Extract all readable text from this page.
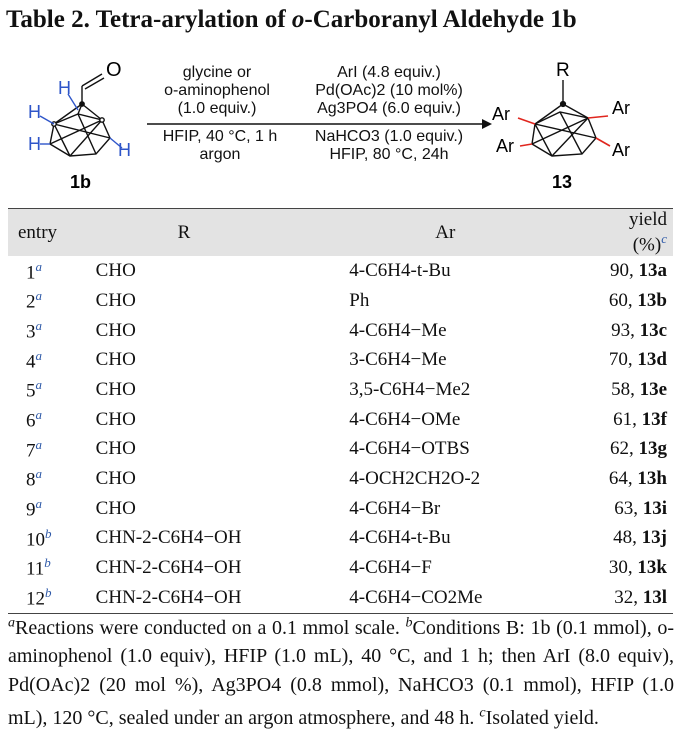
Table 2. Tetra-arylation of o-Carboranyl Aldehyde 1b
O
H
H
H	H
1b
R
Ar	Ar
Ar	Ar
13
glycine or
o-aminophenol
(1.0 equiv.)
HFIP, 40 °C, 1 h
argon
ArI (4.8 equiv.)
Pd(OAc)2 (10 mol%)
Ag3PO4 (6.0 equiv.)
NaHCO3 (1.0 equiv.)
HFIP, 80 °C, 24h
entry	R	Ar	yield (%)$^c$
1$^a$	CHO	4-C6H4-t-Bu	90, 13a
2$^a$	CHO	Ph	60, 13b
3$^a$	CHO	4-C6H4−Me	93, 13c
4$^a$	CHO	3-C6H4−Me	70, 13d
5$^a$	CHO	3,5-C6H4−Me2	58, 13e
6$^a$	CHO	4-C6H4−OMe	61, 13f
7$^a$	CHO	4-C6H4−OTBS	62, 13g
8$^a$	CHO	4-OCH2CH2O-2	64, 13h
9$^a$	CHO	4-C6H4−Br	63, 13i
10$^b$	CHN-2-C6H4−OH	4-C6H4-t-Bu	48, 13j
11$^b$	CHN-2-C6H4−OH	4-C6H4−F	30, 13k
12$^b$	CHN-2-C6H4−OH	4-C6H4−CO2Me	32, 13l
$^a$Reactions were conducted on a 0.1 mmol scale. $^b$Conditions B: 1b (0.1 mmol), o-aminophenol (1.0 equiv), HFIP (1.0 mL), 40 °C, and 1 h; then ArI (8.0 equiv), Pd(OAc)2 (20 mol %), Ag3PO4 (0.8 mmol), NaHCO3 (0.1 mmol), HFIP (1.0 mL), 120 °C, sealed under an argon atmosphere, and 48 h. $^c$Isolated yield.
